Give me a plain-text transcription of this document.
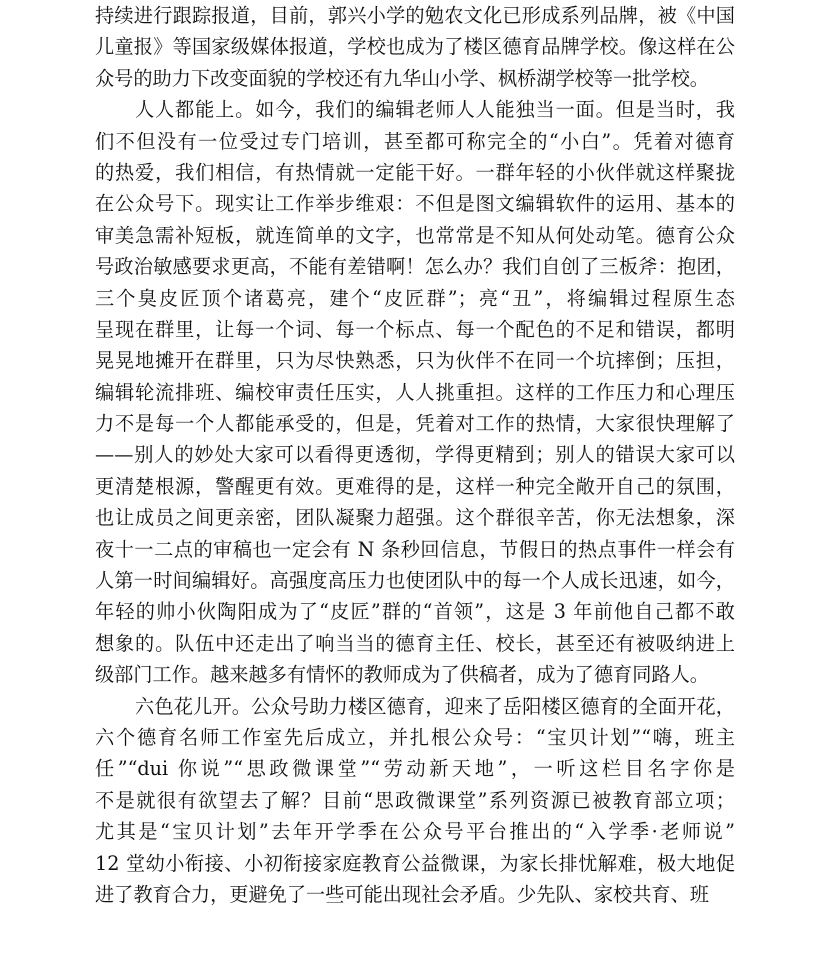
持续进行跟踪报道，目前，郭兴小学的勉农文化已形成系列品牌，被《中国
儿童报》等国家级媒体报道，学校也成为了楼区德育品牌学校。像这样在公
众号的助力下改变面貌的学校还有九华山小学、枫桥湖学校等一批学校。
人人都能上。如今，我们的编辑老师人人能独当一面。但是当时，我
们不但没有一位受过专门培训，甚至都可称完全的“小白”。凭着对德育
的热爱，我们相信，有热情就一定能干好。一群年轻的小伙伴就这样聚拢
在公众号下。现实让工作举步维艰：不但是图文编辑软件的运用、基本的
审美急需补短板，就连简单的文字，也常常是不知从何处动笔。德育公众
号政治敏感要求更高，不能有差错啊！怎么办？我们自创了三板斧：抱团，
三个臭皮匠顶个诸葛亮，建个“皮匠群”；亮“丑”，将编辑过程原生态
呈现在群里，让每一个词、每一个标点、每一个配色的不足和错误，都明
晃晃地摊开在群里，只为尽快熟悉，只为伙伴不在同一个坑摔倒；压担，
编辑轮流排班、编校审责任压实，人人挑重担。这样的工作压力和心理压
力不是每一个人都能承受的，但是，凭着对工作的热情，大家很快理解了
——别人的妙处大家可以看得更透彻，学得更精到；别人的错误大家可以
更清楚根源，警醒更有效。更难得的是，这样一种完全敞开自己的氛围，
也让成员之间更亲密，团队凝聚力超强。这个群很辛苦，你无法想象，深
夜十一二点的审稿也一定会有 N 条秒回信息，节假日的热点事件一样会有
人第一时间编辑好。高强度高压力也使团队中的每一个人成长迅速，如今，
年轻的帅小伙陶阳成为了“皮匠”群的“首领”，这是 3 年前他自己都不敢
想象的。队伍中还走出了响当当的德育主任、校长，甚至还有被吸纳进上
级部门工作。越来越多有情怀的教师成为了供稿者，成为了德育同路人。
六色花儿开。公众号助力楼区德育，迎来了岳阳楼区德育的全面开花，
六个德育名师工作室先后成立，并扎根公众号：“宝贝计划”“嗨，班主
任”“dui 你说”“思政微课堂”“劳动新天地”，一听这栏目名字你是
不是就很有欲望去了解？目前“思政微课堂”系列资源已被教育部立项；
尤其是“宝贝计划”去年开学季在公众号平台推出的“入学季·老师说”
12 堂幼小衔接、小初衔接家庭教育公益微课，为家长排忧解难，极大地促
进了教育合力，更避免了一些可能出现社会矛盾。少先队、家校共育、班
